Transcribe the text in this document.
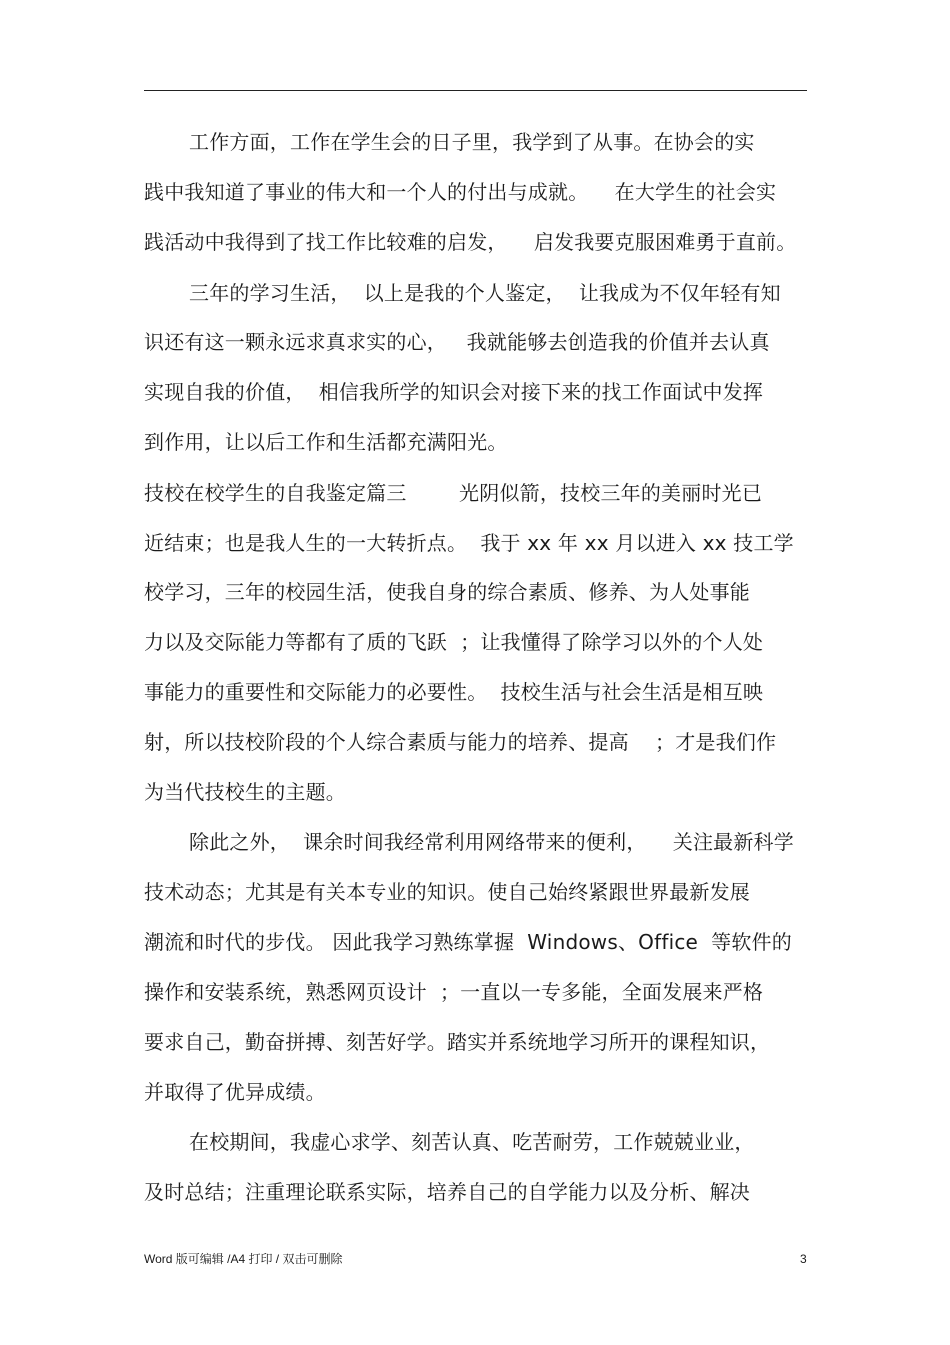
工作方面，工作在学生会的日子里，我学到了从事。在协会的实
践中我知道了事业的伟大和一个人的付出与成就。    在大学生的社会实
践活动中我得到了找工作比较难的启发，    启发我要克服困难勇于直前。
三年的学习生活，  以上是我的个人鉴定，  让我成为不仅年轻有知
识还有这一颗永远求真求实的心，   我就能够去创造我的价值并去认真
实现自我的价值，  相信我所学的知识会对接下来的找工作面试中发挥
到作用，让以后工作和生活都充满阳光。
技校在校学生的自我鉴定篇三        光阴似箭，技校三年的美丽时光已
近结束；也是我人生的一大转折点。  我于 xx 年 xx 月以进入 xx 技工学
校学习，三年的校园生活，使我自身的综合素质、修养、为人处事能
力以及交际能力等都有了质的飞跃  ；让我懂得了除学习以外的个人处
事能力的重要性和交际能力的必要性。  技校生活与社会生活是相互映
射，所以技校阶段的个人综合素质与能力的培养、提高    ；才是我们作
为当代技校生的主题。
除此之外，  课余时间我经常利用网络带来的便利，    关注最新科学
技术动态；尤其是有关本专业的知识。使自己始终紧跟世界最新发展
潮流和时代的步伐。 因此我学习熟练掌握  Windows、Office  等软件的
操作和安装系统，熟悉网页设计  ；一直以一专多能，全面发展来严格
要求自己，勤奋拼搏、刻苦好学。踏实并系统地学习所开的课程知识，
并取得了优异成绩。
在校期间，我虚心求学、刻苦认真、吃苦耐劳，工作兢兢业业，
及时总结；注重理论联系实际，培养自己的自学能力以及分析、解决
Word 版可编辑 /A4 打印 / 双击可删除	3
